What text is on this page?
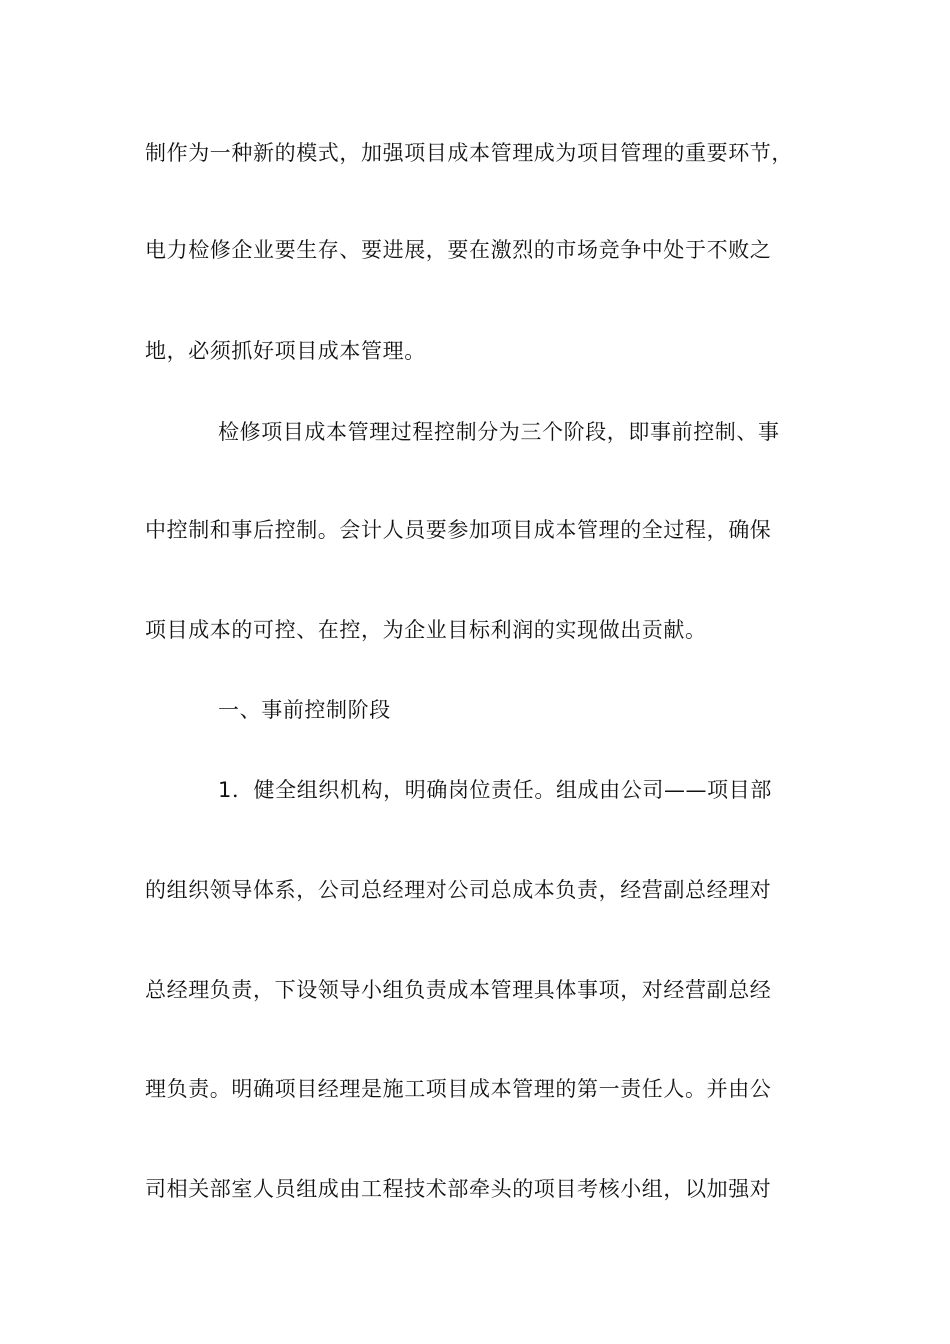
制作为一种新的模式，加强项目成本管理成为项目管理的重要环节，
电力检修企业要生存、要进展，要在激烈的市场竞争中处于不败之
地，必须抓好项目成本管理。
检修项目成本管理过程控制分为三个阶段，即事前控制、事
中控制和事后控制。会计人员要参加项目成本管理的全过程，确保
项目成本的可控、在控，为企业目标利润的实现做出贡献。
一、事前控制阶段
1．健全组织机构，明确岗位责任。组成由公司——项目部
的组织领导体系，公司总经理对公司总成本负责，经营副总经理对
总经理负责，下设领导小组负责成本管理具体事项，对经营副总经
理负责。明确项目经理是施工项目成本管理的第一责任人。并由公
司相关部室人员组成由工程技术部牵头的项目考核小组，以加强对
